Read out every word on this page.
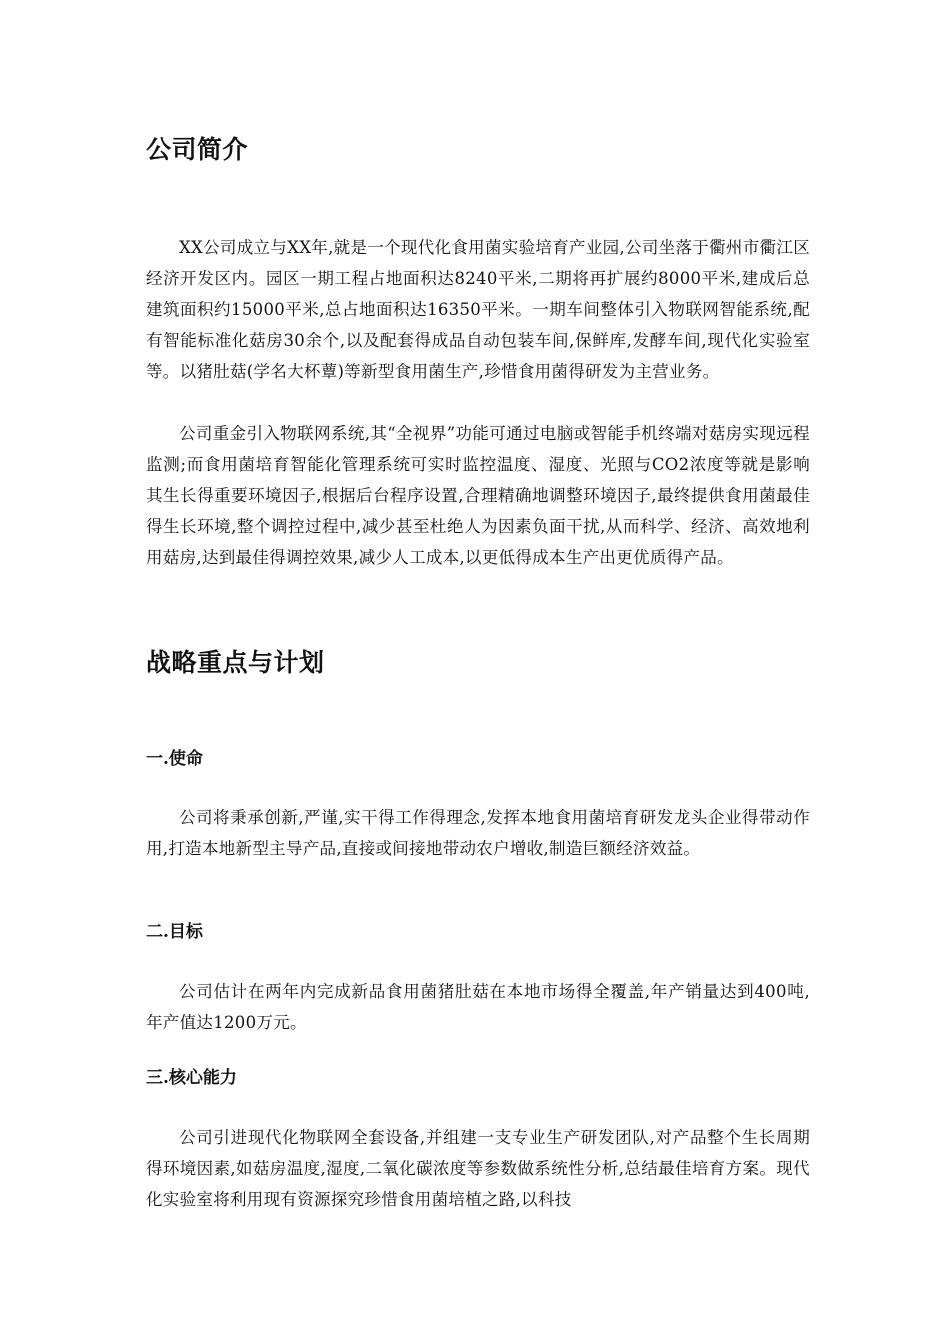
公司简介

XX公司成立与XX年,就是一个现代化食用菌实验培育产业园,公司坐落于衢州市衢江区经济开发区内。园区一期工程占地面积达8240平米,二期将再扩展约8000平米,建成后总建筑面积约15000平米,总占地面积达16350平米。一期车间整体引入物联网智能系统,配有智能标准化菇房30余个,以及配套得成品自动包装车间,保鲜库,发酵车间,现代化实验室等。以猪肚菇(学名大杯蕈)等新型食用菌生产,珍惜食用菌得研发为主营业务。

公司重金引入物联网系统,其“全视界”功能可通过电脑或智能手机终端对菇房实现远程监测;而食用菌培育智能化管理系统可实时监控温度、湿度、光照与CO2浓度等就是影响其生长得重要环境因子,根据后台程序设置,合理精确地调整环境因子,最终提供食用菌最佳得生长环境,整个调控过程中,减少甚至杜绝人为因素负面干扰,从而科学、经济、高效地利用菇房,达到最佳得调控效果,减少人工成本,以更低得成本生产出更优质得产品。

战略重点与计划
一.使命

公司将秉承创新,严谨,实干得工作得理念,发挥本地食用菌培育研发龙头企业得带动作用,打造本地新型主导产品,直接或间接地带动农户增收,制造巨额经济效益。

二.目标

公司估计在两年内完成新品食用菌猪肚菇在本地市场得全覆盖,年产销量达到400吨,年产值达1200万元。

三.核心能力

公司引进现代化物联网全套设备,并组建一支专业生产研发团队,对产品整个生长周期得环境因素,如菇房温度,湿度,二氧化碳浓度等参数做系统性分析,总结最佳培育方案。现代化实验室将利用现有资源探究珍惜食用菌培植之路,以科技
